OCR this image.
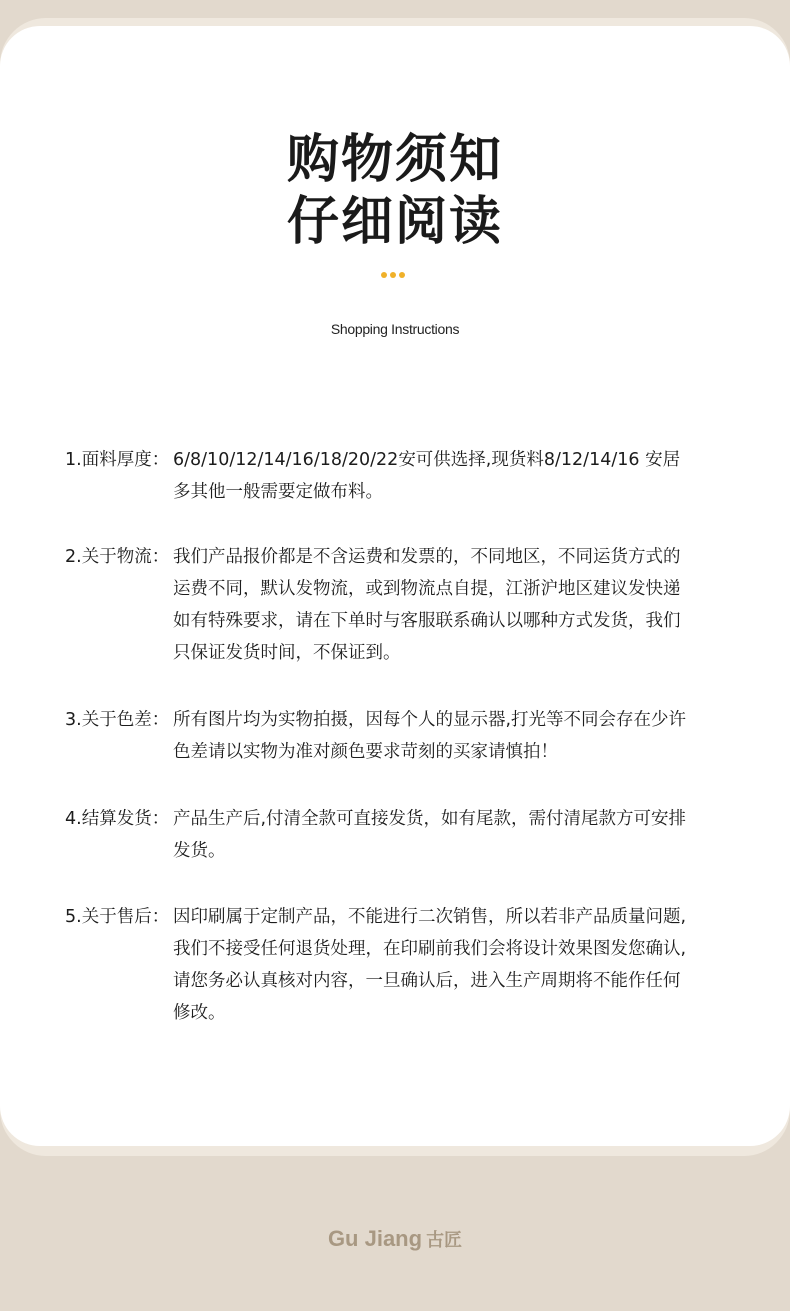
购物须知
仔细阅读
Shopping Instructions
1.面料厚度： 6/8/10/12/14/16/18/20/22安可供选择,现货料8/12/14/16 安居
多其他一般需要定做布料。
2.关于物流： 我们产品报价都是不含运费和发票的，不同地区，不同运货方式的
运费不同，默认发物流，或到物流点自提，江浙沪地区建议发快递
如有特殊要求，请在下单时与客服联系确认以哪种方式发货，我们
只保证发货时间，不保证到。
3.关于色差： 所有图片均为实物拍摄，因每个人的显示器,打光等不同会存在少许
色差请以实物为准对颜色要求苛刻的买家请慎拍！
4.结算发货： 产品生产后,付清全款可直接发货，如有尾款，需付清尾款方可安排
发货。
5.关于售后： 因印刷属于定制产品，不能进行二次销售，所以若非产品质量问题,
我们不接受任何退货处理，在印刷前我们会将设计效果图发您确认,
请您务必认真核对内容，一旦确认后，进入生产周期将不能作任何
修改。
Gu Jiang 古匠
